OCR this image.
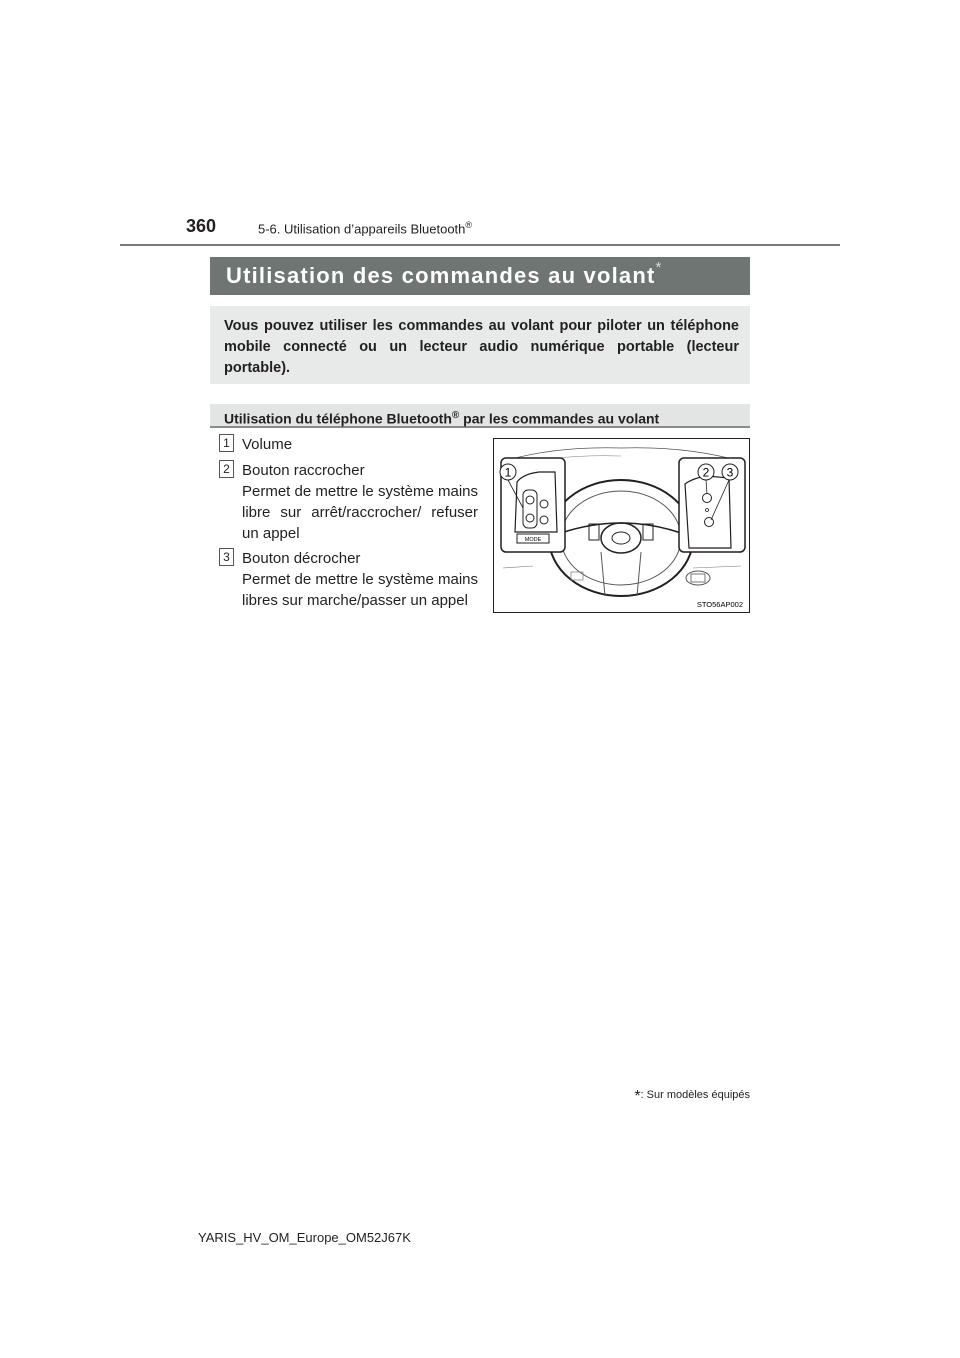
360	5-6. Utilisation d’appareils Bluetooth®
Utilisation des commandes au volant *
Vous pouvez utiliser les commandes au volant pour piloter un téléphone mobile connecté ou un lecteur audio numérique portable (lecteur portable).
Utilisation du téléphone Bluetooth® par les commandes au volant
1 Volume
2 Bouton raccrocher
Permet de mettre le système mains libre sur arrêt/raccrocher/ refuser un appel
3 Bouton décrocher
Permet de mettre le système mains libres sur marche/passer un appel
MODE
1	2 3
STO56AP002
*: Sur modèles équipés
YARIS_HV_OM_Europe_OM52J67K
